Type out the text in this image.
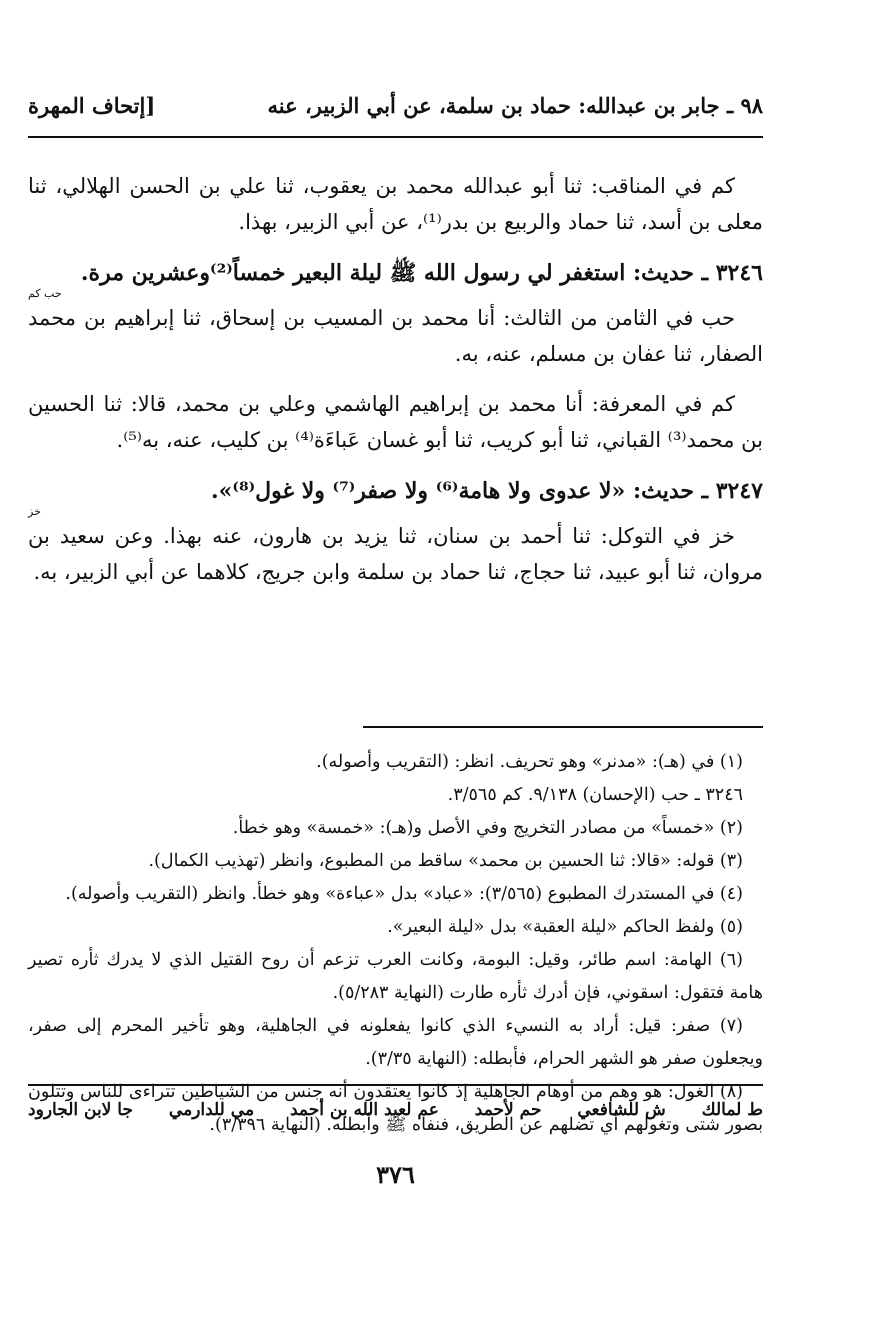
٩٨ ـ جابر بن عبدالله: حماد بن سلمة، عن أبي الزبير، عنه
[إتحاف المهرة

كم في المناقب: ثنا أبو عبدالله محمد بن يعقوب، ثنا علي بن الحسن الهلالي، ثنا معلى بن أسد، ثنا حماد والربيع بن بدر⁽¹⁾، عن أبي الزبير، بهذا.

٣٢٤٦ ـ حديث: استغفر لي رسول الله ﷺ ليلة البعير خمساً⁽²⁾وعشرين مرة.

حب كم

حب في الثامن من الثالث: أنا محمد بن المسيب بن إسحاق، ثنا إبراهيم بن محمد الصفار، ثنا عفان بن مسلم، عنه، به.

كم في المعرفة: أنا محمد بن إبراهيم الهاشمي وعلي بن محمد، قالا: ثنا الحسين بن محمد⁽³⁾ القباني، ثنا أبو كريب، ثنا أبو غسان عَباءَة⁽⁴⁾ بن كليب، عنه، به⁽⁵⁾.

٣٢٤٧ ـ حديث: «لا عدوى ولا هامة⁽⁶⁾ ولا صفر⁽⁷⁾ ولا غول⁽⁸⁾».

خز

خز في التوكل: ثنا أحمد بن سنان، ثنا يزيد بن هارون، عنه بهذا. وعن سعيد بن مروان، ثنا أبو عبيد، ثنا حجاج، ثنا حماد بن سلمة وابن جريج، كلاهما عن أبي الزبير، به.

(١) في (هـ): «مدنر» وهو تحريف. انظر: (التقريب وأصوله).

٣٢٤٦ ـ حب (الإحسان) ٩/١٣٨. كم ٣/٥٦٥.

(٢) «خمساً» من مصادر التخريج وفي الأصل و(هـ): «خمسة» وهو خطأ.

(٣) قوله: «قالا: ثنا الحسين بن محمد» ساقط من المطبوع، وانظر (تهذيب الكمال).

(٤) في المستدرك المطبوع (٣/٥٦٥): «عباد» بدل «عباءة» وهو خطأ. وانظر (التقريب وأصوله).

(٥) ولفظ الحاكم «ليلة العقبة» بدل «ليلة البعير».

(٦) الهامة: اسم طائر، وقيل: البومة، وكانت العرب تزعم أن روح القتيل الذي لا يدرك ثأره تصير هامة فتقول: اسقوني، فإن أدرك ثأره طارت (النهاية ٥/٢٨٣).

(٧) صفر: قيل: أراد به النسيء الذي كانوا يفعلونه في الجاهلية، وهو تأخير المحرم إلى صفر، ويجعلون صفر هو الشهر الحرام، فأبطله: (النهاية ٣/٣٥).

(٨) الغول: هو وهم من أوهام الجاهلية إذ كانوا يعتقدون أنه جنس من الشياطين تتراءى للناس وتتلون بصور شتى وتغولهم أي تضلهم عن الطريق، فنفاه ﷺ وأبطله. (النهاية ٣/٣٩٦).

ط لمالك
ش للشافعي
حم لأحمد
عم لعبد الله بن أحمد
مي للدارمي
جا لابن الجارود
٣٧٦
